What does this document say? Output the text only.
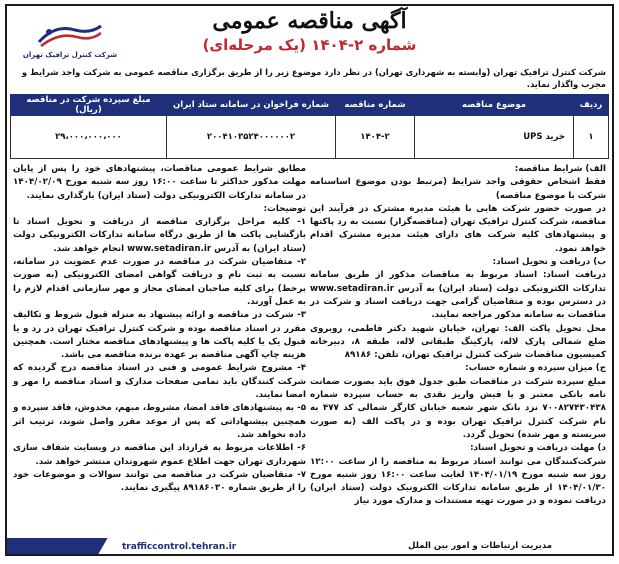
شرکت کنترل ترافیک تهران
آگهی مناقصه عمومی
شماره ۲-۱۴۰۴ (یک مرحله‌ای)
شرکت کنترل ترافیک تهران (وابسته به شهرداری تهران) در نظر دارد موضوع زیر را از طریق برگزاری مناقصه عمومی به شرکت واجد شرایط و مجرب واگذار نماید.
ردیف	موضوع مناقصه	شماره مناقصه	شماره فراخوان در سامانه ستاد ایران	مبلغ سپرده شرکت در مناقصه (ریال)
۱	خرید UPS	۱۴۰۴-۲	۲۰۰۴۱۰۳۵۲۴۰۰۰۰۰۰۲	۲۹،۰۰۰،۰۰۰،۰۰۰

الف) شرایط مناقصه:

فقط اشخاص حقوقی واجد شرایط (مرتبط بودن موضوع اساسنامه شرکت با موضوع مناقصه)

در صورت حضور شرکت هایی با هیئت مدیره مشترک در فرآیند این مناقصه، شرکت کنترل ترافیک تهران (مناقصه‌گزار) نسبت به رد پاکتها و پیشنهادهای کلیه شرکت های دارای هیئت مدیره مشترک اقدام خواهد نمود.

ب) دریافت و تحویل اسناد:

دریافت اسناد: اسناد مربوط به مناقصات مذکور از طریق سامانه تدارکات الکترونیکی دولت (ستاد ایران) به آدرس www.setadiran.ir در دسترس بوده و متقاضیان گرامی جهت دریافت اسناد و شرکت در مناقصات به سامانه مذکور مراجعه نمایند.

محل تحویل پاکت الف: تهران، خیابان شهید دکتر فاطمی، روبروی ضلع شمالی پارک لاله، پارکینگ طبقاتی لاله، طبقه ۸، دبیرخانه کمیسیون مناقصات شرکت کنترل ترافیک تهران، تلفن: ۸۹۱۸۶

ج) میزان سپرده و شماره حساب:

مبلغ سپرده شرکت در مناقصات طبق جدول فوق باید بصورت ضمانت نامه بانکی معتبر و یا فیش واریز نقدی به حساب سپرده شماره ۷۰۰۸۲۷۴۳۰۴۳۸ نزد بانک شهر شعبه خیابان کارگر شمالی کد ۴۷۷ به نام شرکت کنترل ترافیک تهران بوده و در پاکت الف (به صورت سربسته و مهر شده) تحویل گردد.

د) مهلت دریافت و تحویل اسناد:

شرکت‌کنندگان می توانند اسناد مربوط به مناقصه را از ساعت ۱۲:۰۰ روز سه شنبه مورخ ۱۴۰۴/۰۱/۱۹ لغایت ساعت ۱۶:۰۰ روز شنبه مورخ ۱۴۰۴/۰۱/۳۰ از طریق سامانه تدارکات الکترونیک دولت (ستاد ایران) دریافت نموده و در صورت تهیه مستندات و مدارک مورد نیاز

مطابق شرایط عمومی مناقصات، پیشنهادهای خود را پس از پایان مهلت مذکور حداکثر تا ساعت ۱۶:۰۰ روز سه شنبه مورخ ۱۴۰۴/۰۲/۰۹ در سامانه تدارکات الکترونیکی دولت (ستاد ایران) بارگذاری نمایند.

توضیحات:

۱- کلیه مراحل برگزاری مناقصه از دریافت و تحویل اسناد تا بازگشایی پاکت ها از طریق درگاه سامانه تدارکات الکترونیکی دولت (ستاد ایران) به آدرس www.setadiran.ir انجام خواهد شد.

۲- متقاضیان شرکت در مناقصه در صورت عدم عضویت در سامانه، نسبت به ثبت نام و دریافت گواهی امضای الکترونیکی (به صورت برخط) برای کلیه صاحبان امضای مجاز و مهر سازمانی اقدام لازم را به عمل آورند.

۳- شرکت در مناقصه و ارائه پیشنهاد به منزله قبول شروط و تکالیف مقرر در اسناد مناقصه بوده و شرکت کنترل ترافیک تهران در رد و یا قبول یک یا کلیه پاکت ها و پیشنهادهای مناقصه مختار است. همچنین هزینه چاپ آگهی مناقصه بر عهده برنده مناقصه می باشد.

۴- مشروح شرایط عمومی و فنی در اسناد مناقصه درج گردیده که شرکت کنندگان باید تمامی صفحات مدارک و اسناد مناقصه را مهر و امضا نمایند.

۵- به پیشنهادهای فاقد امضا، مشروط، مبهم، مخدوش، فاقد سپرده و همچنین پیشنهاداتی که پس از موعد مقرر واصل شوند، ترتیب اثر داده نخواهد شد.

۶- اطلاعات مربوط به قرارداد این مناقصه در وبسایت شفاف سازی شهرداری تهران جهت اطلاع عموم شهروندان منتشر خواهد شد.

۷- متقاضیان شرکت در مناقصه می توانند سوالات و موضوعات خود را از طریق شماره ۸۹۱۸۶۰۳۰ پیگیری نمایند.

trafficcontrol.tehran.ir	مدیریت ارتباطات و امور بین الملل
